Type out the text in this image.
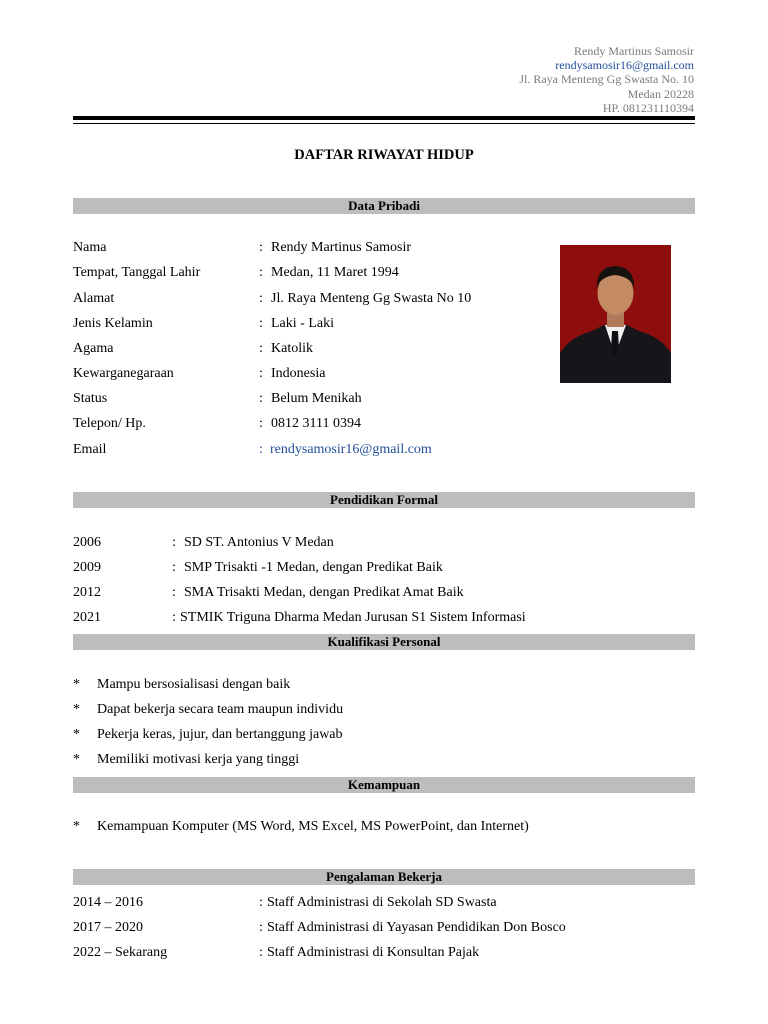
Rendy Martinus Samosir
rendysamosir16@gmail.com
Jl. Raya Menteng Gg Swasta No. 10
Medan 20228
HP. 081231110394
DAFTAR RIWAYAT HIDUP
Data Pribadi
Nama	: Rendy Martinus Samosir
Tempat, Tanggal Lahir	: Medan, 11 Maret 1994
Alamat	: Jl. Raya Menteng Gg Swasta No 10
Jenis Kelamin	: Laki - Laki
Agama	: Katolik
Kewarganegaraan	: Indonesia
Status	: Belum Menikah
Telepon/ Hp.	: 0812 3111 0394
Email	: rendysamosir16@gmail.com
Pendidikan Formal
2006	: SD ST. Antonius V Medan
2009	: SMP Trisakti -1 Medan, dengan Predikat Baik
2012	: SMA Trisakti Medan, dengan Predikat Amat Baik
2021	: STMIK Triguna Dharma Medan Jurusan S1 Sistem Informasi
Kualifikasi Personal
* Mampu bersosialisasi dengan baik
* Dapat bekerja secara team maupun individu
* Pekerja keras, jujur, dan bertanggung jawab
* Memiliki motivasi kerja yang tinggi
Kemampuan
* Kemampuan Komputer (MS Word, MS Excel, MS PowerPoint, dan Internet)
Pengalaman Bekerja
2014 – 2016	: Staff Administrasi di Sekolah SD Swasta
2017 – 2020	: Staff Administrasi di Yayasan Pendidikan Don Bosco
2022 – Sekarang	: Staff Administrasi di Konsultan Pajak
